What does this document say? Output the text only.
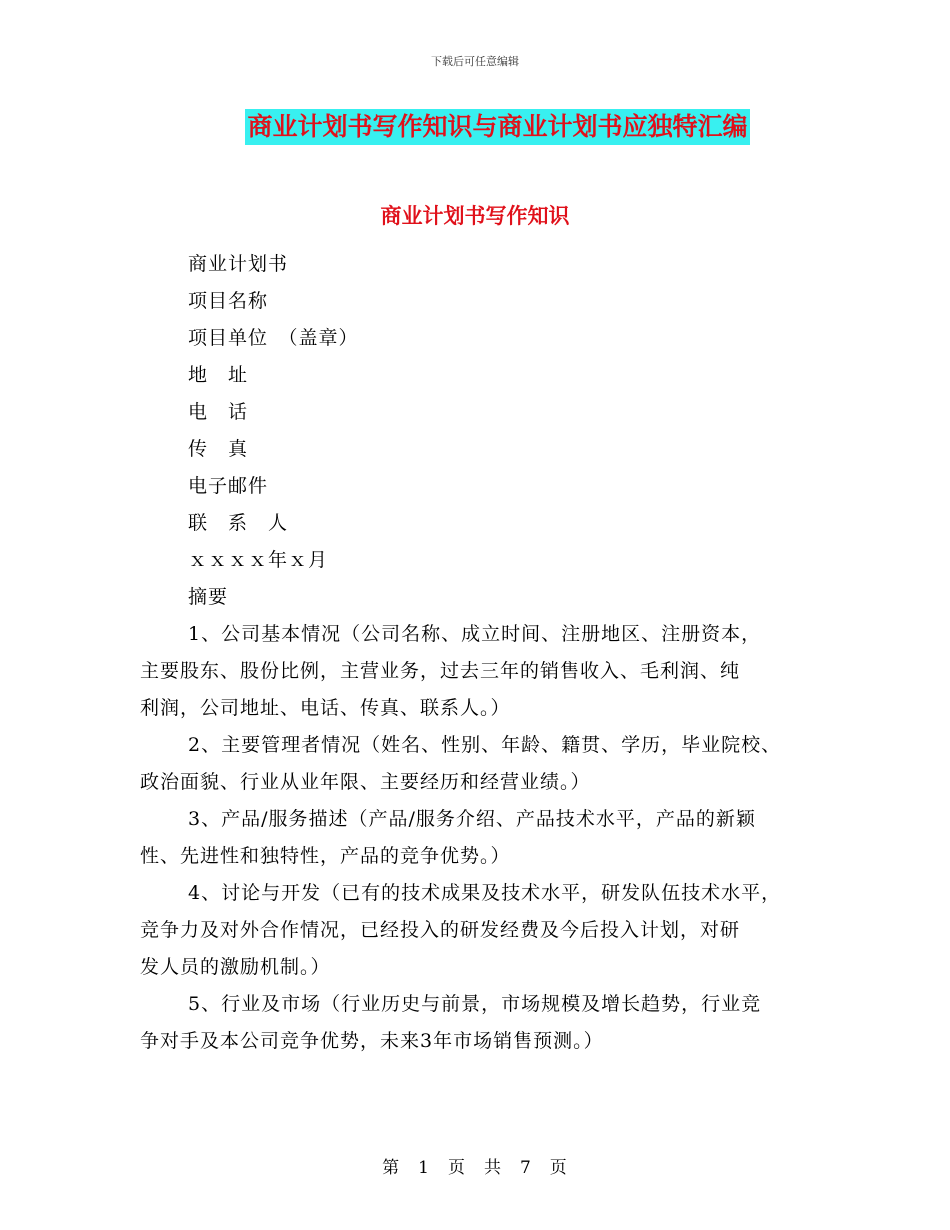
下载后可任意编辑
商业计划书写作知识与商业计划书应独特汇编
商业计划书写作知识

商业计划书

项目名称

项目单位　（盖章）

地　址

电　话

传　真

电子邮件

联　系　人

ｘｘｘｘ年ｘ月

摘要

1、公司基本情况（公司名称、成立时间、注册地区、注册资本，

主要股东、股份比例，主营业务，过去三年的销售收入、毛利润、纯

利润，公司地址、电话、传真、联系人。）

2、主要管理者情况（姓名、性别、年龄、籍贯、学历，毕业院校、

政治面貌、行业从业年限、主要经历和经营业绩。）

3、产品/服务描述（产品/服务介绍、产品技术水平，产品的新颖

性、先进性和独特性，产品的竞争优势。）

4、讨论与开发（已有的技术成果及技术水平，研发队伍技术水平，

竞争力及对外合作情况，已经投入的研发经费及今后投入计划，对研

发人员的激励机制。）

5、行业及市场（行业历史与前景，市场规模及增长趋势，行业竞

争对手及本公司竞争优势，未来3年市场销售预测。）

第　1　页　共　7　页
